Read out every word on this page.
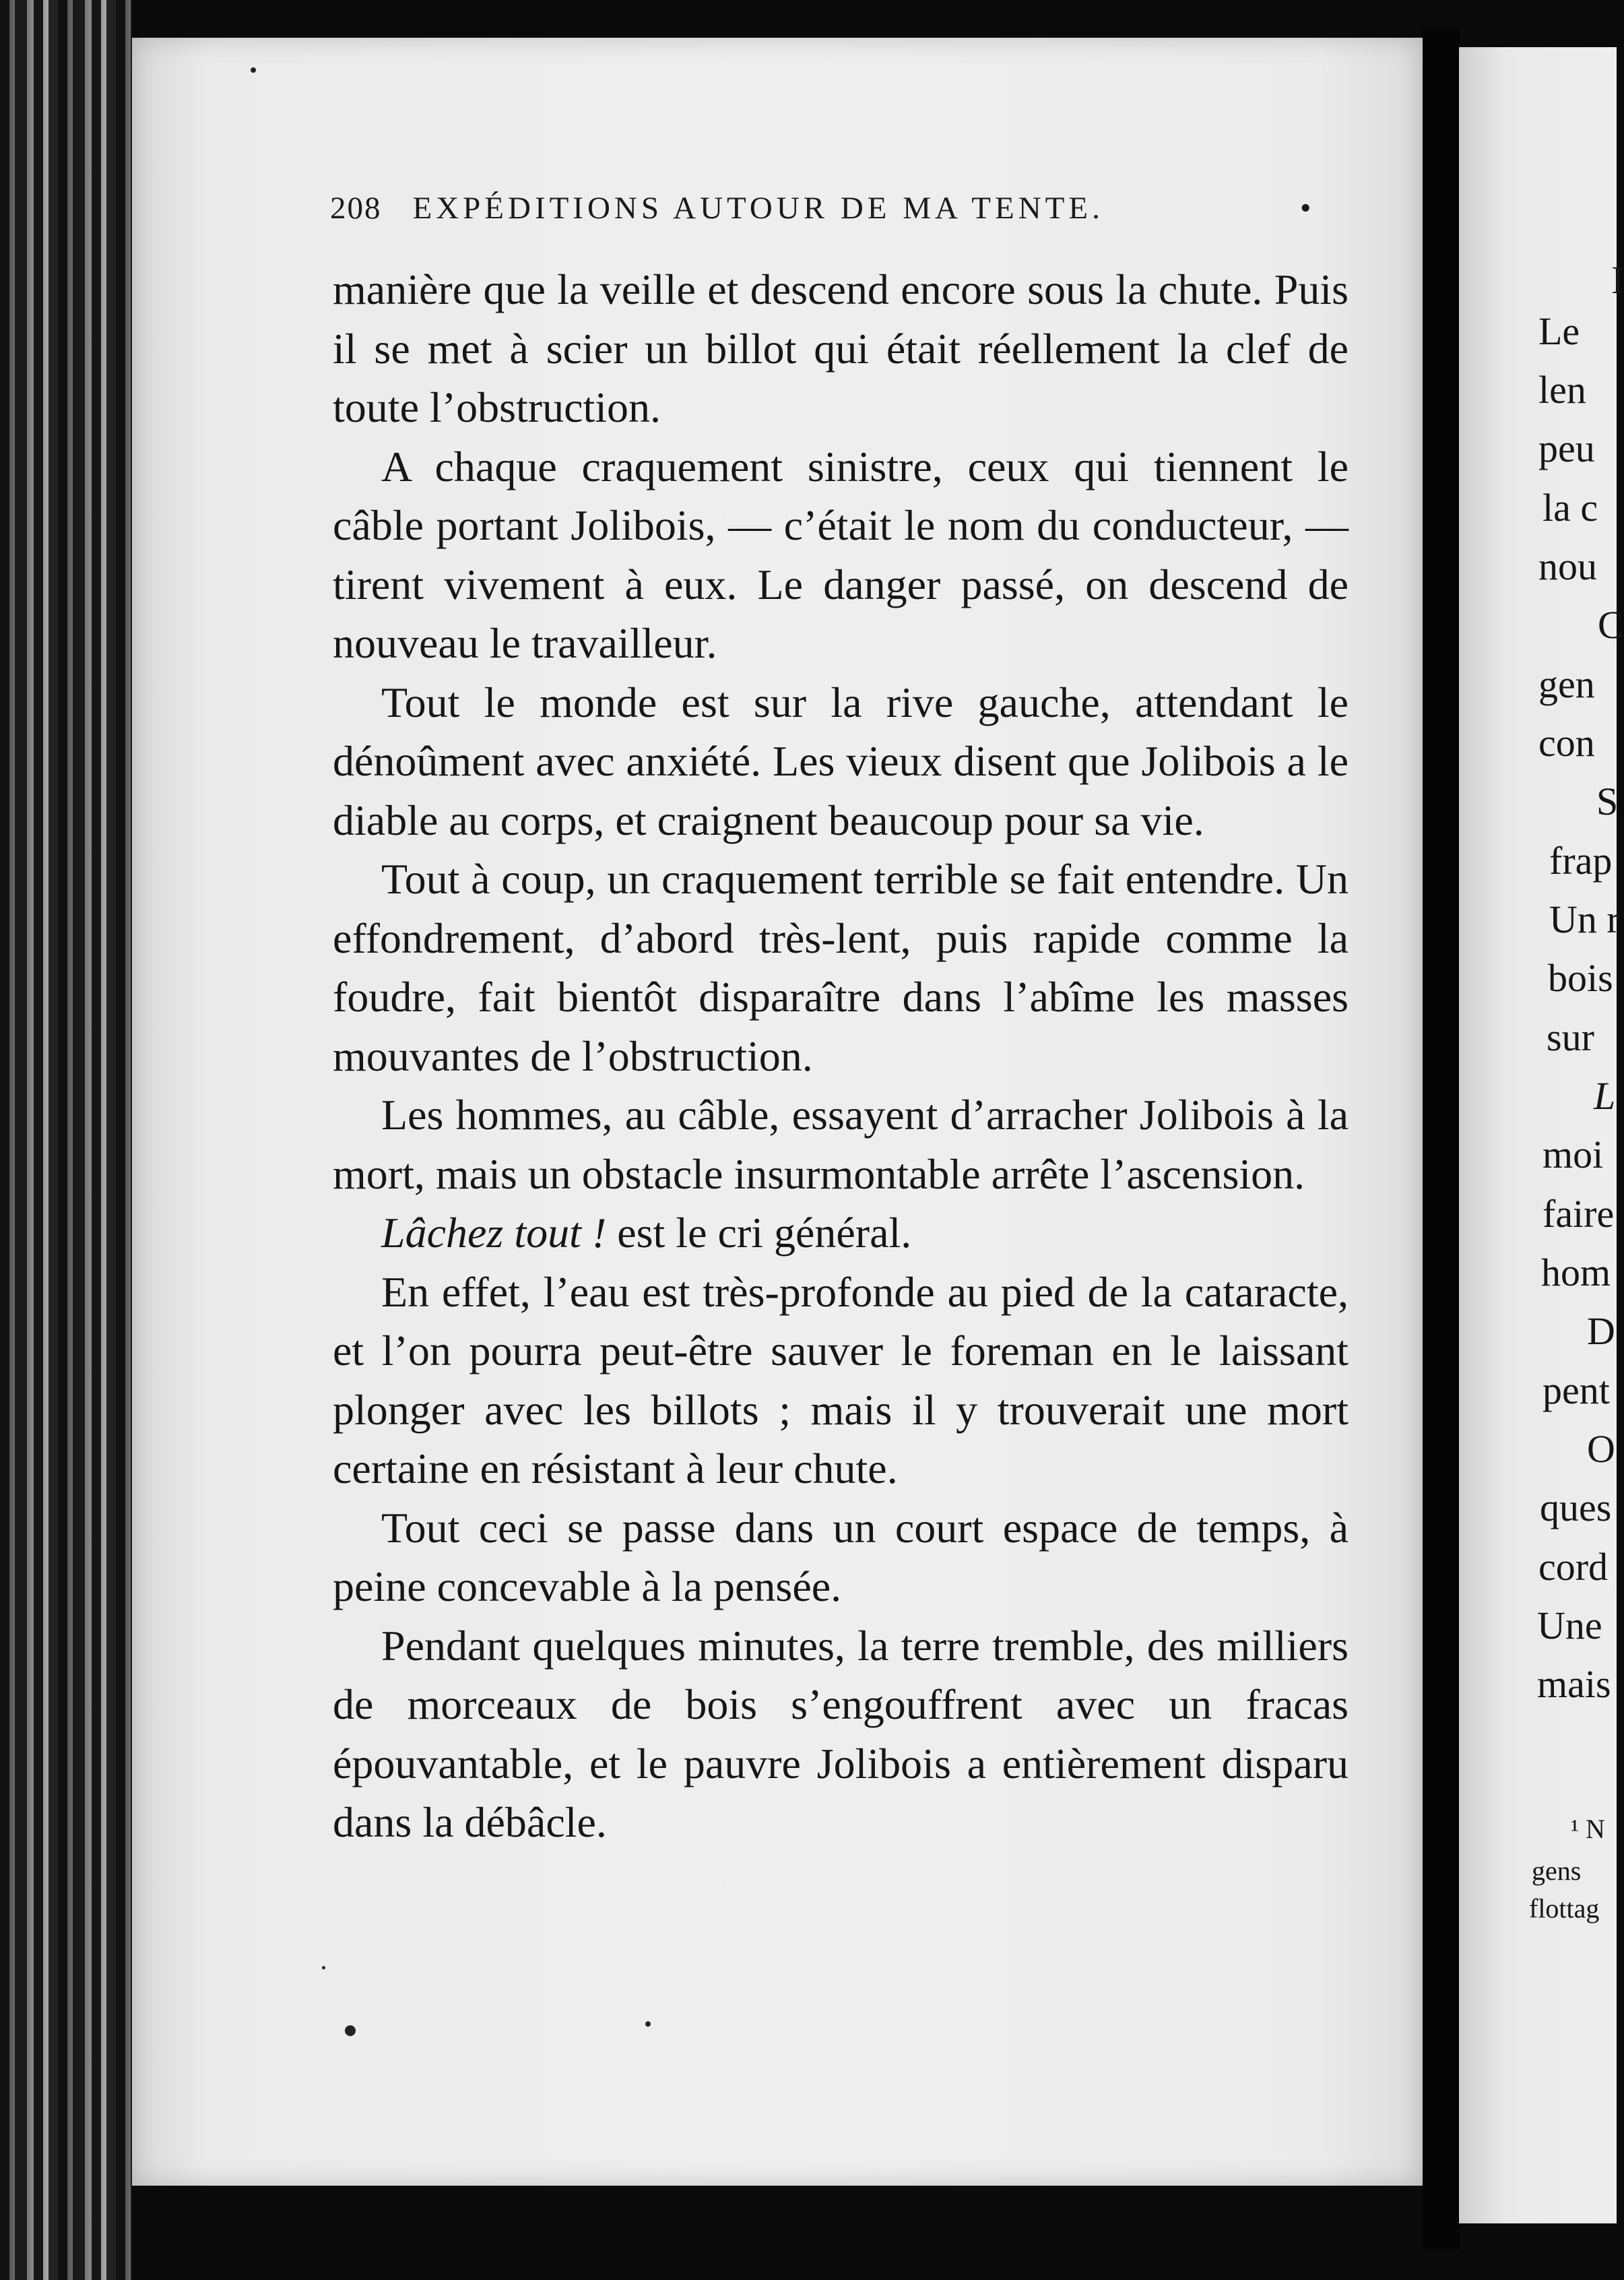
208 EXPÉDITIONS AUTOUR DE MA TENTE.	•

manière que la veille et descend encore sous la chute. Puis il se met à scier un billot qui était réellement la clef de toute l’obstruction.

A chaque craquement sinistre, ceux qui tiennent le câble portant Jolibois, — c’était le nom du conducteur, — tirent vivement à eux. Le danger passé, on descend de nouveau le travailleur.

Tout le monde est sur la rive gauche, attendant le dénoûment avec anxiété. Les vieux disent que Jolibois a le diable au corps, et craignent beaucoup pour sa vie.

Tout à coup, un craquement terrible se fait entendre. Un effondrement, d’abord très-lent, puis rapide comme la foudre, fait bientôt disparaître dans l’abîme les masses mouvantes de l’obstruction.

Les hommes, au câble, essayent d’arracher Jolibois à la mort, mais un obstacle insurmontable arrête l’ascension.

Lâchez tout ! est le cri général.

En effet, l’eau est très-profonde au pied de la cataracte, et l’on pourra peut-être sauver le foreman en le laissant plonger avec les billots ; mais il y trouverait une mort certaine en résistant à leur chute.

Tout ceci se passe dans un court espace de temps, à peine concevable à la pensée.

Pendant quelques minutes, la terre tremble, des milliers de morceaux de bois s’engouffrent avec un fracas épouvantable, et le pauvre Jolibois a entièrement disparu dans la débâcle.

I
Le
len
peu
la c
nou
C
gen
con
S
frap
Un r
bois
sur
L
moi
faire
hom
D
pent
O
ques
cord
Une
mais
¹ N
gens
flottag
